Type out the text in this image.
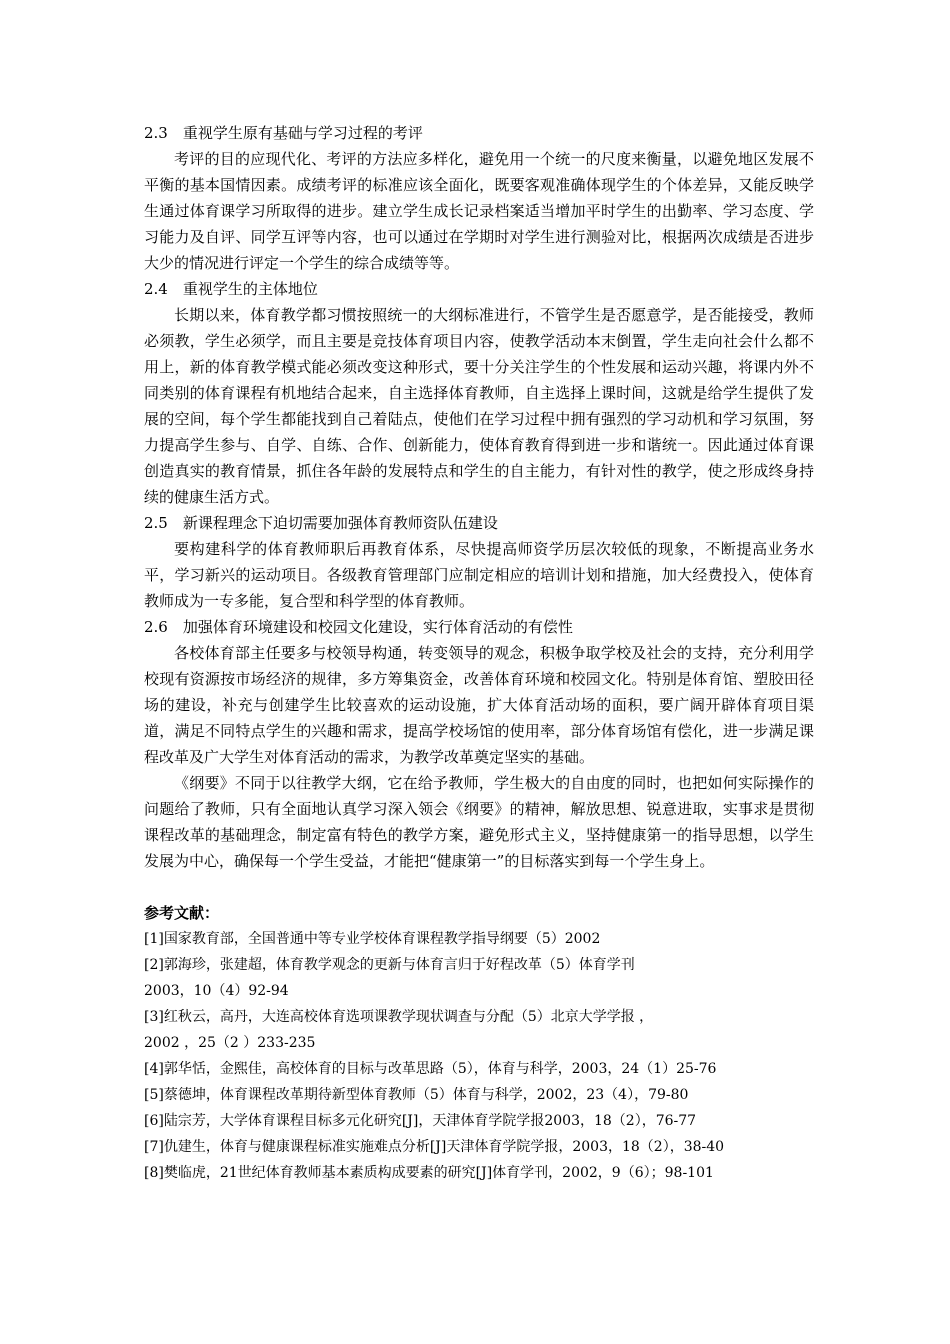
2.3　重视学生原有基础与学习过程的考评
考评的目的应现代化、考评的方法应多样化，避免用一个统一的尺度来衡量，以避免地区发展不平衡的基本国情因素。成绩考评的标准应该全面化，既要客观准确体现学生的个体差异，又能反映学生通过体育课学习所取得的进步。建立学生成长记录档案适当增加平时学生的出勤率、学习态度、学习能力及自评、同学互评等内容，也可以通过在学期时对学生进行测验对比，根据两次成绩是否进步大少的情况进行评定一个学生的综合成绩等等。
2.4　重视学生的主体地位
长期以来，体育教学都习惯按照统一的大纲标准进行，不管学生是否愿意学，是否能接受，教师必须教，学生必须学，而且主要是竞技体育项目内容，使教学活动本末倒置，学生走向社会什么都不用上，新的体育教学模式能必须改变这种形式，要十分关注学生的个性发展和运动兴趣，将课内外不同类别的体育课程有机地结合起来，自主选择体育教师，自主选择上课时间，这就是给学生提供了发展的空间，每个学生都能找到自己着陆点，使他们在学习过程中拥有强烈的学习动机和学习氛围，努力提高学生参与、自学、自练、合作、创新能力，使体育教育得到进一步和谐统一。因此通过体育课创造真实的教育情景，抓住各年龄的发展特点和学生的自主能力，有针对性的教学，使之形成终身持续的健康生活方式。
2.5　新课程理念下迫切需要加强体育教师资队伍建设
要构建科学的体育教师职后再教育体系，尽快提高师资学历层次较低的现象，不断提高业务水平，学习新兴的运动项目。各级教育管理部门应制定相应的培训计划和措施，加大经费投入，使体育教师成为一专多能，复合型和科学型的体育教师。
2.6　加强体育环境建设和校园文化建设，实行体育活动的有偿性
各校体育部主任要多与校领导构通，转变领导的观念，积极争取学校及社会的支持，充分利用学校现有资源按市场经济的规律，多方筹集资金，改善体育环境和校园文化。特别是体育馆、塑胶田径场的建设，补充与创建学生比较喜欢的运动设施，扩大体育活动场的面积，要广阔开辟体育项目渠道，满足不同特点学生的兴趣和需求，提高学校场馆的使用率，部分体育场馆有偿化，进一步满足课程改革及广大学生对体育活动的需求，为教学改革奠定坚实的基础。
《纲要》不同于以往教学大纲，它在给予教师，学生极大的自由度的同时，也把如何实际操作的问题给了教师，只有全面地认真学习深入领会《纲要》的精神，解放思想、锐意进取，实事求是贯彻课程改革的基础理念，制定富有特色的教学方案，避免形式主义，坚持健康第一的指导思想，以学生发展为中心，确保每一个学生受益，才能把“健康第一”的目标落实到每一个学生身上。
参考文献：
[1]国家教育部，全国普通中等专业学校体育课程教学指导纲要（5）2002
[2]郭海珍，张建超，体育教学观念的更新与体育言归于好程改革（5）体育学刊
2003，10（4）92-94
[3]红秋云，高丹，大连高校体育选项课教学现状调查与分配（5）北京大学学报 ，
2002 ，25（2 ）233-235
[4]郭华恬，金熙佳，高校体育的目标与改革思路（5），体育与科学，2003，24（1）25-76
[5]蔡德坤，体育课程改革期待新型体育教师（5）体育与科学，2002，23（4），79-80
[6]陆宗芳，大学体育课程目标多元化研究[J]，天津体育学院学报2003，18（2），76-77
[7]仇建生，体育与健康课程标准实施难点分析[J]天津体育学院学报，2003，18（2），38-40
[8]樊临虎，21世纪体育教师基本素质构成要素的研究[J]体育学刊，2002，9（6）；98-101
